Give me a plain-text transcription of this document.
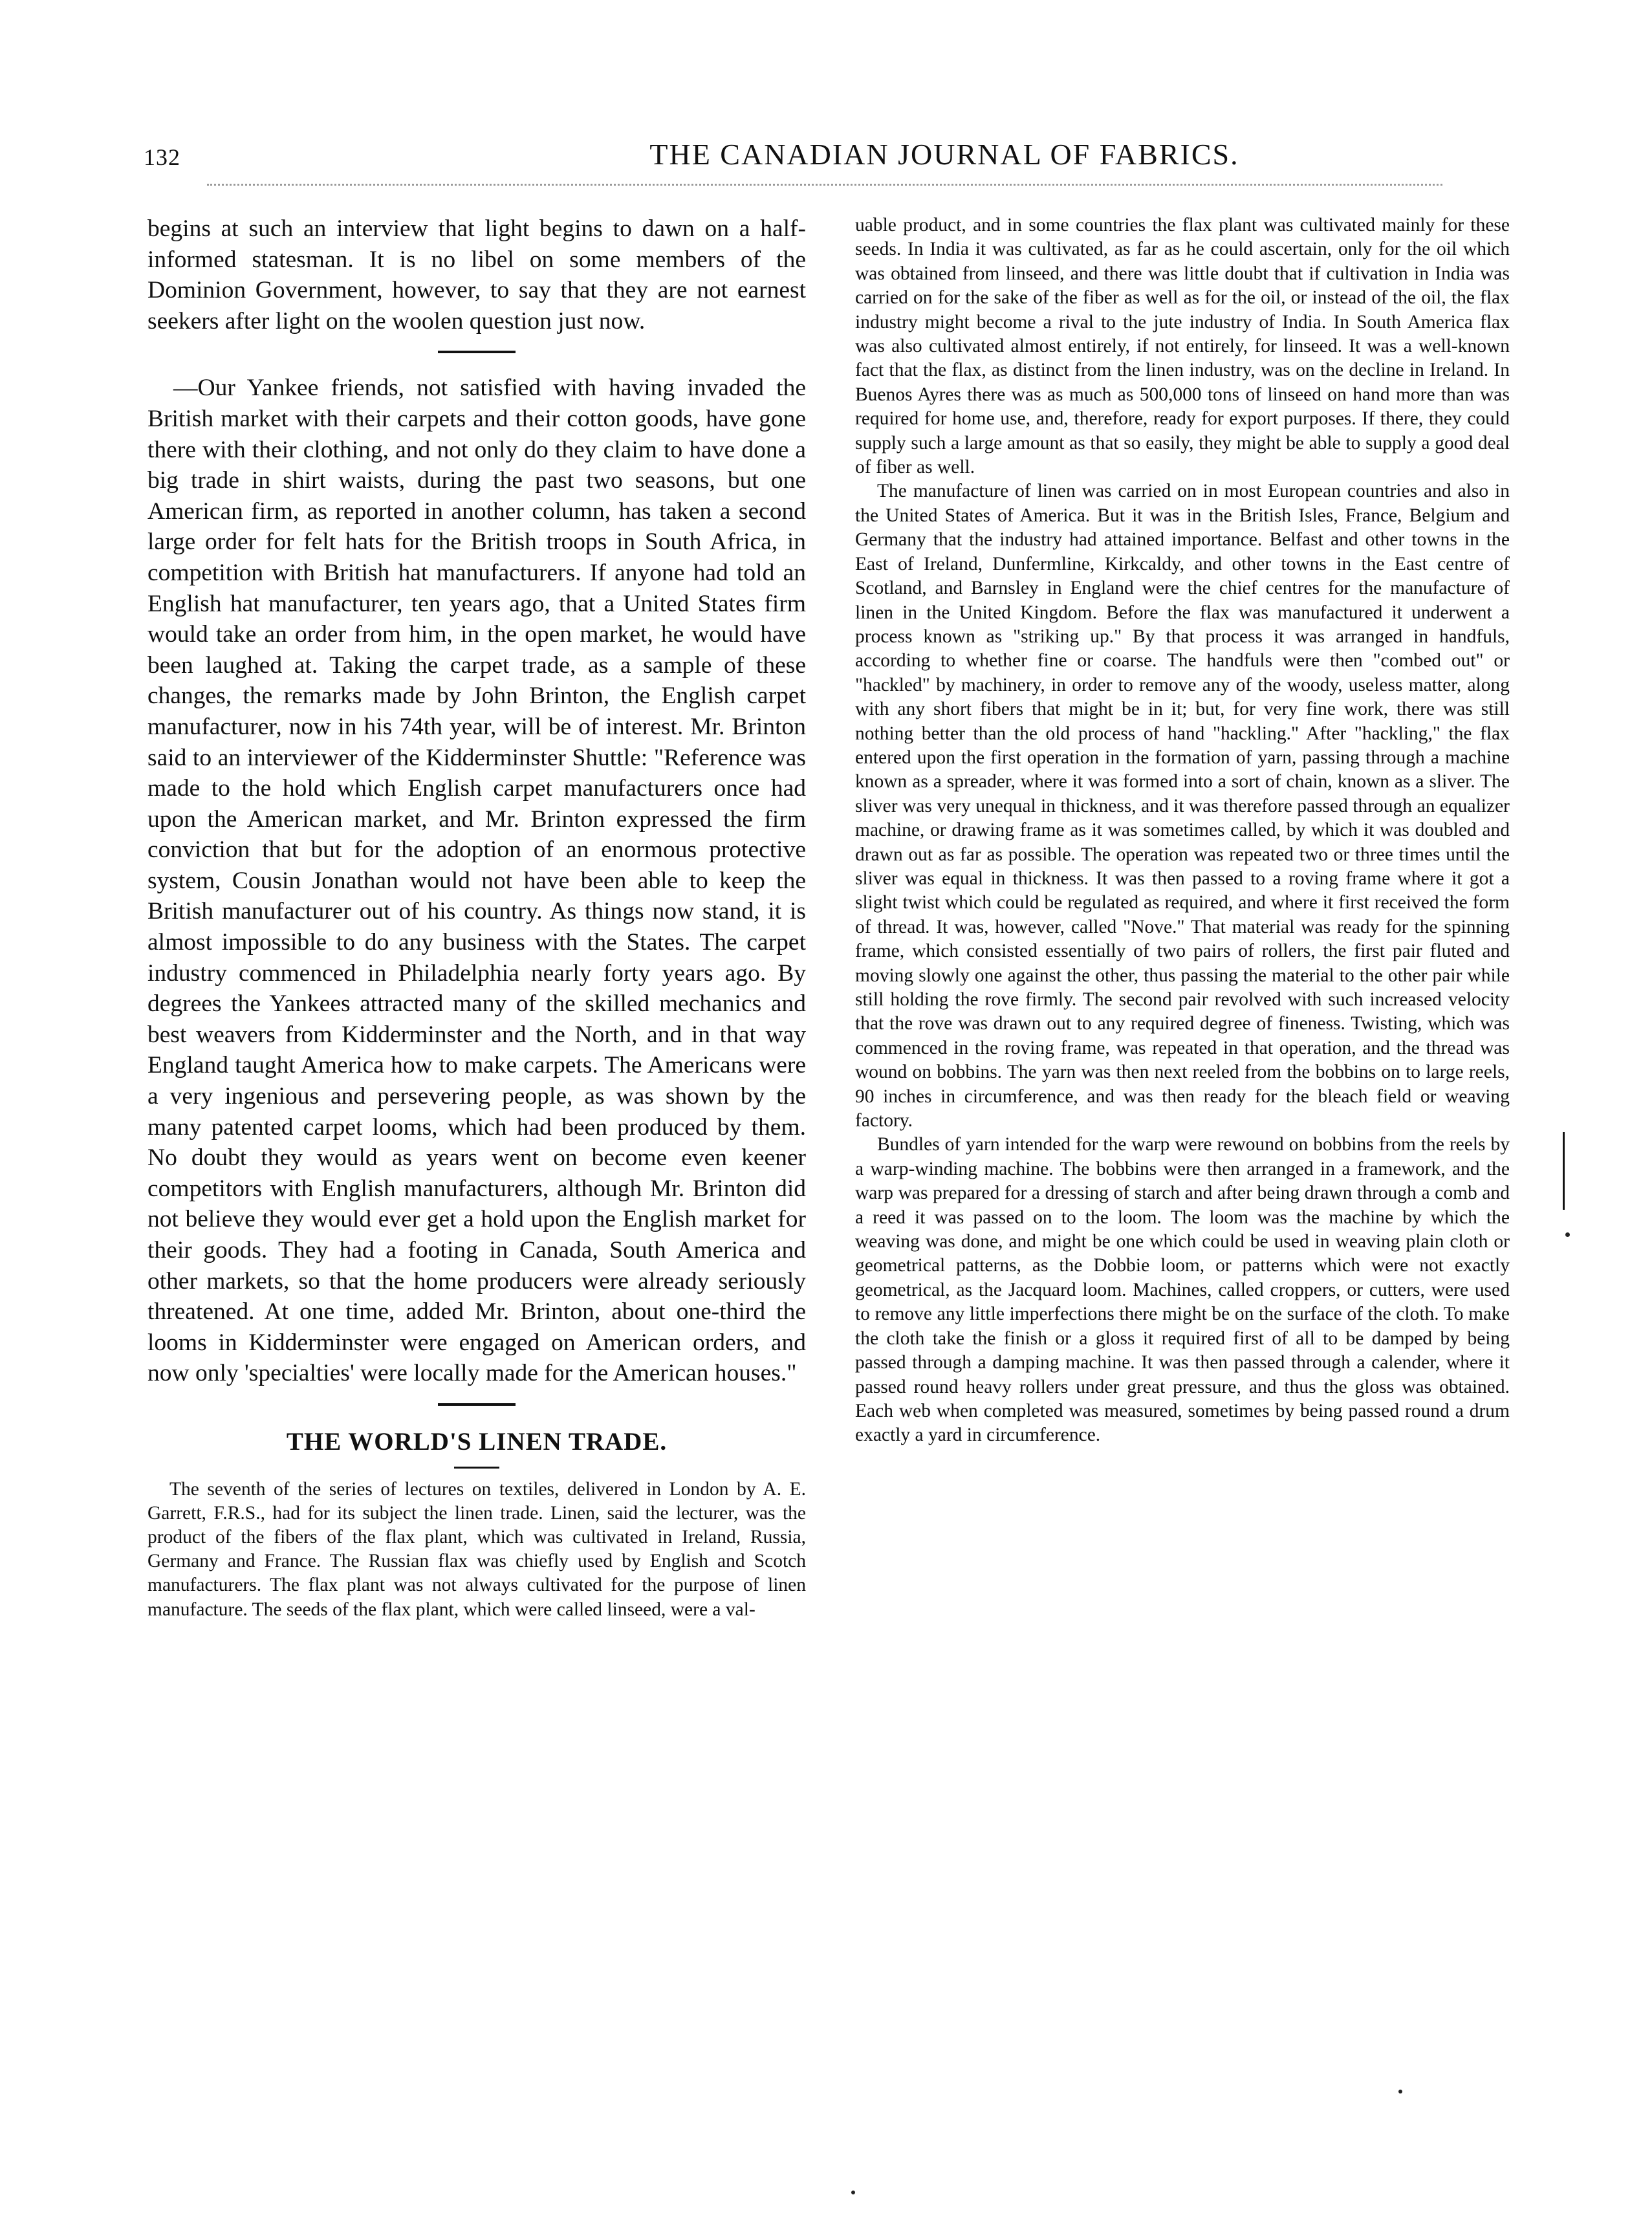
132	THE CANADIAN JOURNAL OF FABRICS.

begins at such an interview that light begins to dawn on a half-informed statesman. It is no libel on some members of the Dominion Government, however, to say that they are not earnest seekers after light on the woolen question just now.

—Our Yankee friends, not satisfied with having invaded the British market with their carpets and their cotton goods, have gone there with their clothing, and not only do they claim to have done a big trade in shirt waists, during the past two seasons, but one American firm, as reported in another column, has taken a second large order for felt hats for the British troops in South Africa, in competition with British hat manufacturers. If anyone had told an English hat manufacturer, ten years ago, that a United States firm would take an order from him, in the open market, he would have been laughed at. Taking the carpet trade, as a sample of these changes, the remarks made by John Brinton, the English carpet manufacturer, now in his 74th year, will be of interest. Mr. Brinton said to an interviewer of the Kidderminster Shuttle: "Reference was made to the hold which English carpet manufacturers once had upon the American market, and Mr. Brinton expressed the firm conviction that but for the adoption of an enormous protective system, Cousin Jonathan would not have been able to keep the British manufacturer out of his country. As things now stand, it is almost impossible to do any business with the States. The carpet industry commenced in Philadelphia nearly forty years ago. By degrees the Yankees attracted many of the skilled mechanics and best weavers from Kidderminster and the North, and in that way England taught America how to make carpets. The Americans were a very ingenious and persevering people, as was shown by the many patented carpet looms, which had been produced by them. No doubt they would as years went on become even keener competitors with English manufacturers, although Mr. Brinton did not believe they would ever get a hold upon the English market for their goods. They had a footing in Canada, South America and other markets, so that the home producers were already seriously threatened. At one time, added Mr. Brinton, about one-third the looms in Kidderminster were engaged on American orders, and now only 'specialties' were locally made for the American houses."

THE WORLD'S LINEN TRADE.

The seventh of the series of lectures on textiles, delivered in London by A. E. Garrett, F.R.S., had for its subject the linen trade. Linen, said the lecturer, was the product of the fibers of the flax plant, which was cultivated in Ireland, Russia, Germany and France. The Russian flax was chiefly used by English and Scotch manufacturers. The flax plant was not always cultivated for the purpose of linen manufacture. The seeds of the flax plant, which were called linseed, were a val-

uable product, and in some countries the flax plant was cultivated mainly for these seeds. In India it was cultivated, as far as he could ascertain, only for the oil which was obtained from linseed, and there was little doubt that if cultivation in India was carried on for the sake of the fiber as well as for the oil, or instead of the oil, the flax industry might become a rival to the jute industry of India. In South America flax was also cultivated almost entirely, if not entirely, for linseed. It was a well-known fact that the flax, as distinct from the linen industry, was on the decline in Ireland. In Buenos Ayres there was as much as 500,000 tons of linseed on hand more than was required for home use, and, therefore, ready for export purposes. If there, they could supply such a large amount as that so easily, they might be able to supply a good deal of fiber as well.

The manufacture of linen was carried on in most European countries and also in the United States of America. But it was in the British Isles, France, Belgium and Germany that the industry had attained importance. Belfast and other towns in the East of Ireland, Dunfermline, Kirkcaldy, and other towns in the East centre of Scotland, and Barnsley in England were the chief centres for the manufacture of linen in the United Kingdom. Before the flax was manufactured it underwent a process known as "striking up." By that process it was arranged in handfuls, according to whether fine or coarse. The handfuls were then "combed out" or "hackled" by machinery, in order to remove any of the woody, useless matter, along with any short fibers that might be in it; but, for very fine work, there was still nothing better than the old process of hand "hackling." After "hackling," the flax entered upon the first operation in the formation of yarn, passing through a machine known as a spreader, where it was formed into a sort of chain, known as a sliver. The sliver was very unequal in thickness, and it was therefore passed through an equalizer machine, or drawing frame as it was sometimes called, by which it was doubled and drawn out as far as possible. The operation was repeated two or three times until the sliver was equal in thickness. It was then passed to a roving frame where it got a slight twist which could be regulated as required, and where it first received the form of thread. It was, however, called "Nove." That material was ready for the spinning frame, which consisted essentially of two pairs of rollers, the first pair fluted and moving slowly one against the other, thus passing the material to the other pair while still holding the rove firmly. The second pair revolved with such increased velocity that the rove was drawn out to any required degree of fineness. Twisting, which was commenced in the roving frame, was repeated in that operation, and the thread was wound on bobbins. The yarn was then next reeled from the bobbins on to large reels, 90 inches in circumference, and was then ready for the bleach field or weaving factory.

Bundles of yarn intended for the warp were rewound on bobbins from the reels by a warp-winding machine. The bobbins were then arranged in a framework, and the warp was prepared for a dressing of starch and after being drawn through a comb and a reed it was passed on to the loom. The loom was the machine by which the weaving was done, and might be one which could be used in weaving plain cloth or geometrical patterns, as the Dobbie loom, or patterns which were not exactly geometrical, as the Jacquard loom. Machines, called croppers, or cutters, were used to remove any little imperfections there might be on the surface of the cloth. To make the cloth take the finish or a gloss it required first of all to be damped by being passed through a damping machine. It was then passed through a calender, where it passed round heavy rollers under great pressure, and thus the gloss was obtained. Each web when completed was measured, sometimes by being passed round a drum exactly a yard in circumference.
